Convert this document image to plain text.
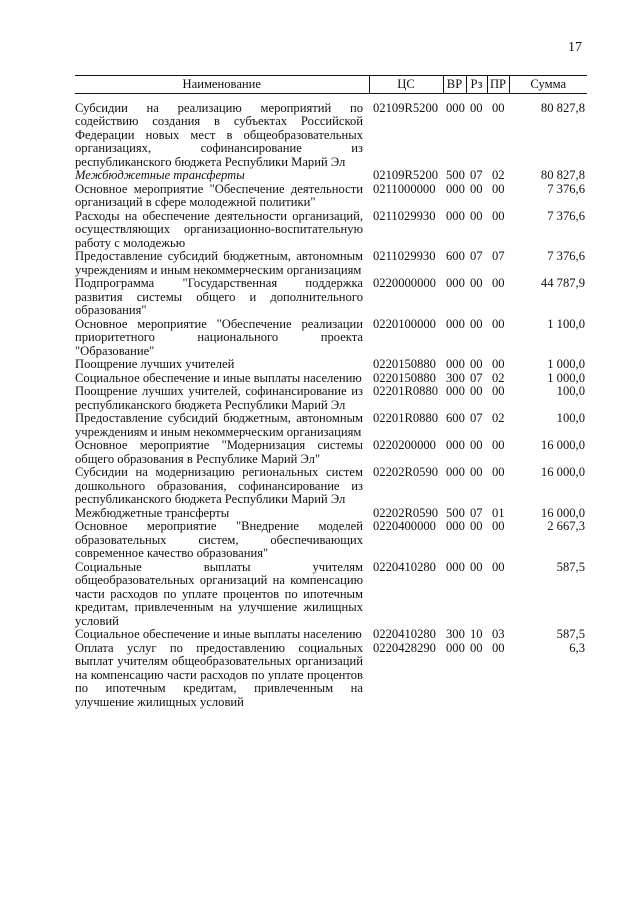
17
Наименование	ЦС	ВР	Рз	ПР	Сумма
Субсидии на реализацию мероприятий по содействию создания в субъектах Российской Федерации новых мест в общеобразовательных организациях, софинансирование из республиканского бюджета Республики Марий Эл	02109R5200	000	00	00	80 827,8
Межбюджетные трансферты	02109R5200	500	07	02	80 827,8
Основное мероприятие "Обеспечение деятельности организаций в сфере молодежной политики"	0211000000	000	00	00	7 376,6
Расходы на обеспечение деятельности организаций, осуществляющих организационно-воспитательную работу с молодежью	0211029930	000	00	00	7 376,6
Предоставление субсидий бюджетным, автономным учреждениям и иным некоммерческим организациям	0211029930	600	07	07	7 376,6
Подпрограмма "Государственная поддержка развития системы общего и дополнительного образования"	0220000000	000	00	00	44 787,9
Основное мероприятие "Обеспечение реализации приоритетного национального проекта "Образование"	0220100000	000	00	00	1 100,0
Поощрение лучших учителей	0220150880	000	00	00	1 000,0
Социальное обеспечение и иные выплаты населению	0220150880	300	07	02	1 000,0
Поощрение лучших учителей, софинансирование из республиканского бюджета Республики Марий Эл	02201R0880	000	00	00	100,0
Предоставление субсидий бюджетным, автономным учреждениям и иным некоммерческим организациям	02201R0880	600	07	02	100,0
Основное мероприятие "Модернизация системы общего образования в Республике Марий Эл"	0220200000	000	00	00	16 000,0
Субсидии на модернизацию региональных систем дошкольного образования, софинансирование из республиканского бюджета Республики Марий Эл	02202R0590	000	00	00	16 000,0
Межбюджетные трансферты	02202R0590	500	07	01	16 000,0
Основное мероприятие "Внедрение моделей образовательных систем, обеспечивающих современное качество образования"	0220400000	000	00	00	2 667,3
Социальные выплаты учителям общеобразовательных организаций на компенсацию части расходов по уплате процентов по ипотечным кредитам, привлеченным на улучшение жилищных условий	0220410280	000	00	00	587,5
Социальное обеспечение и иные выплаты населению	0220410280	300	10	03	587,5
Оплата услуг по предоставлению социальных выплат учителям общеобразовательных организаций на компенсацию части расходов по уплате процентов по ипотечным кредитам, привлеченным на улучшение жилищных условий	0220428290	000	00	00	6,3
